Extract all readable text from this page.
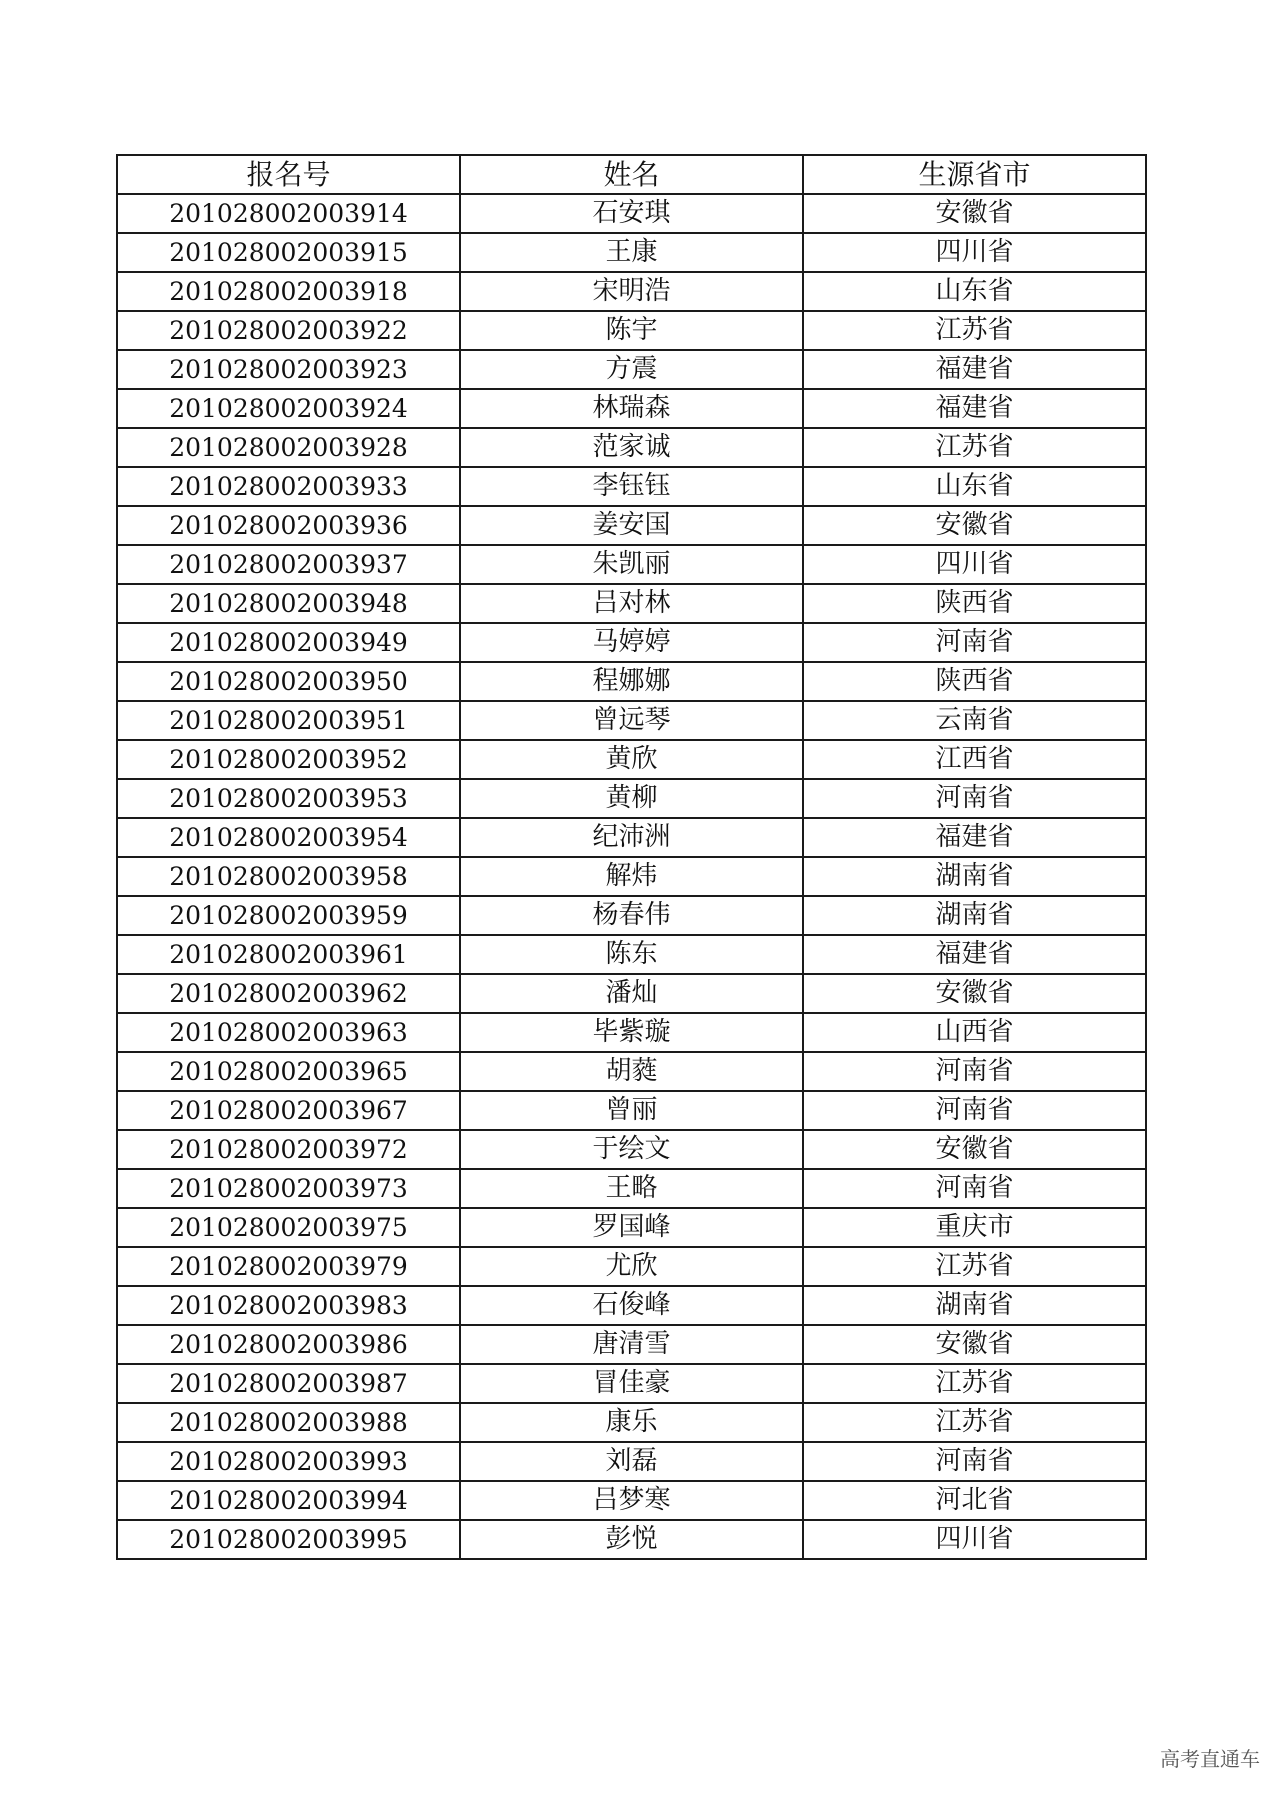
报名号	姓名	生源省市
201028002003914	石安琪	安徽省
201028002003915	王康	四川省
201028002003918	宋明浩	山东省
201028002003922	陈宇	江苏省
201028002003923	方震	福建省
201028002003924	林瑞森	福建省
201028002003928	范家诚	江苏省
201028002003933	李钰钰	山东省
201028002003936	姜安国	安徽省
201028002003937	朱凯丽	四川省
201028002003948	吕对林	陕西省
201028002003949	马婷婷	河南省
201028002003950	程娜娜	陕西省
201028002003951	曾远琴	云南省
201028002003952	黄欣	江西省
201028002003953	黄柳	河南省
201028002003954	纪沛洲	福建省
201028002003958	解炜	湖南省
201028002003959	杨春伟	湖南省
201028002003961	陈东	福建省
201028002003962	潘灿	安徽省
201028002003963	毕紫璇	山西省
201028002003965	胡蕤	河南省
201028002003967	曾丽	河南省
201028002003972	于绘文	安徽省
201028002003973	王略	河南省
201028002003975	罗国峰	重庆市
201028002003979	尤欣	江苏省
201028002003983	石俊峰	湖南省
201028002003986	唐清雪	安徽省
201028002003987	冒佳豪	江苏省
201028002003988	康乐	江苏省
201028002003993	刘磊	河南省
201028002003994	吕梦寒	河北省
201028002003995	彭悦	四川省
高考直通车
